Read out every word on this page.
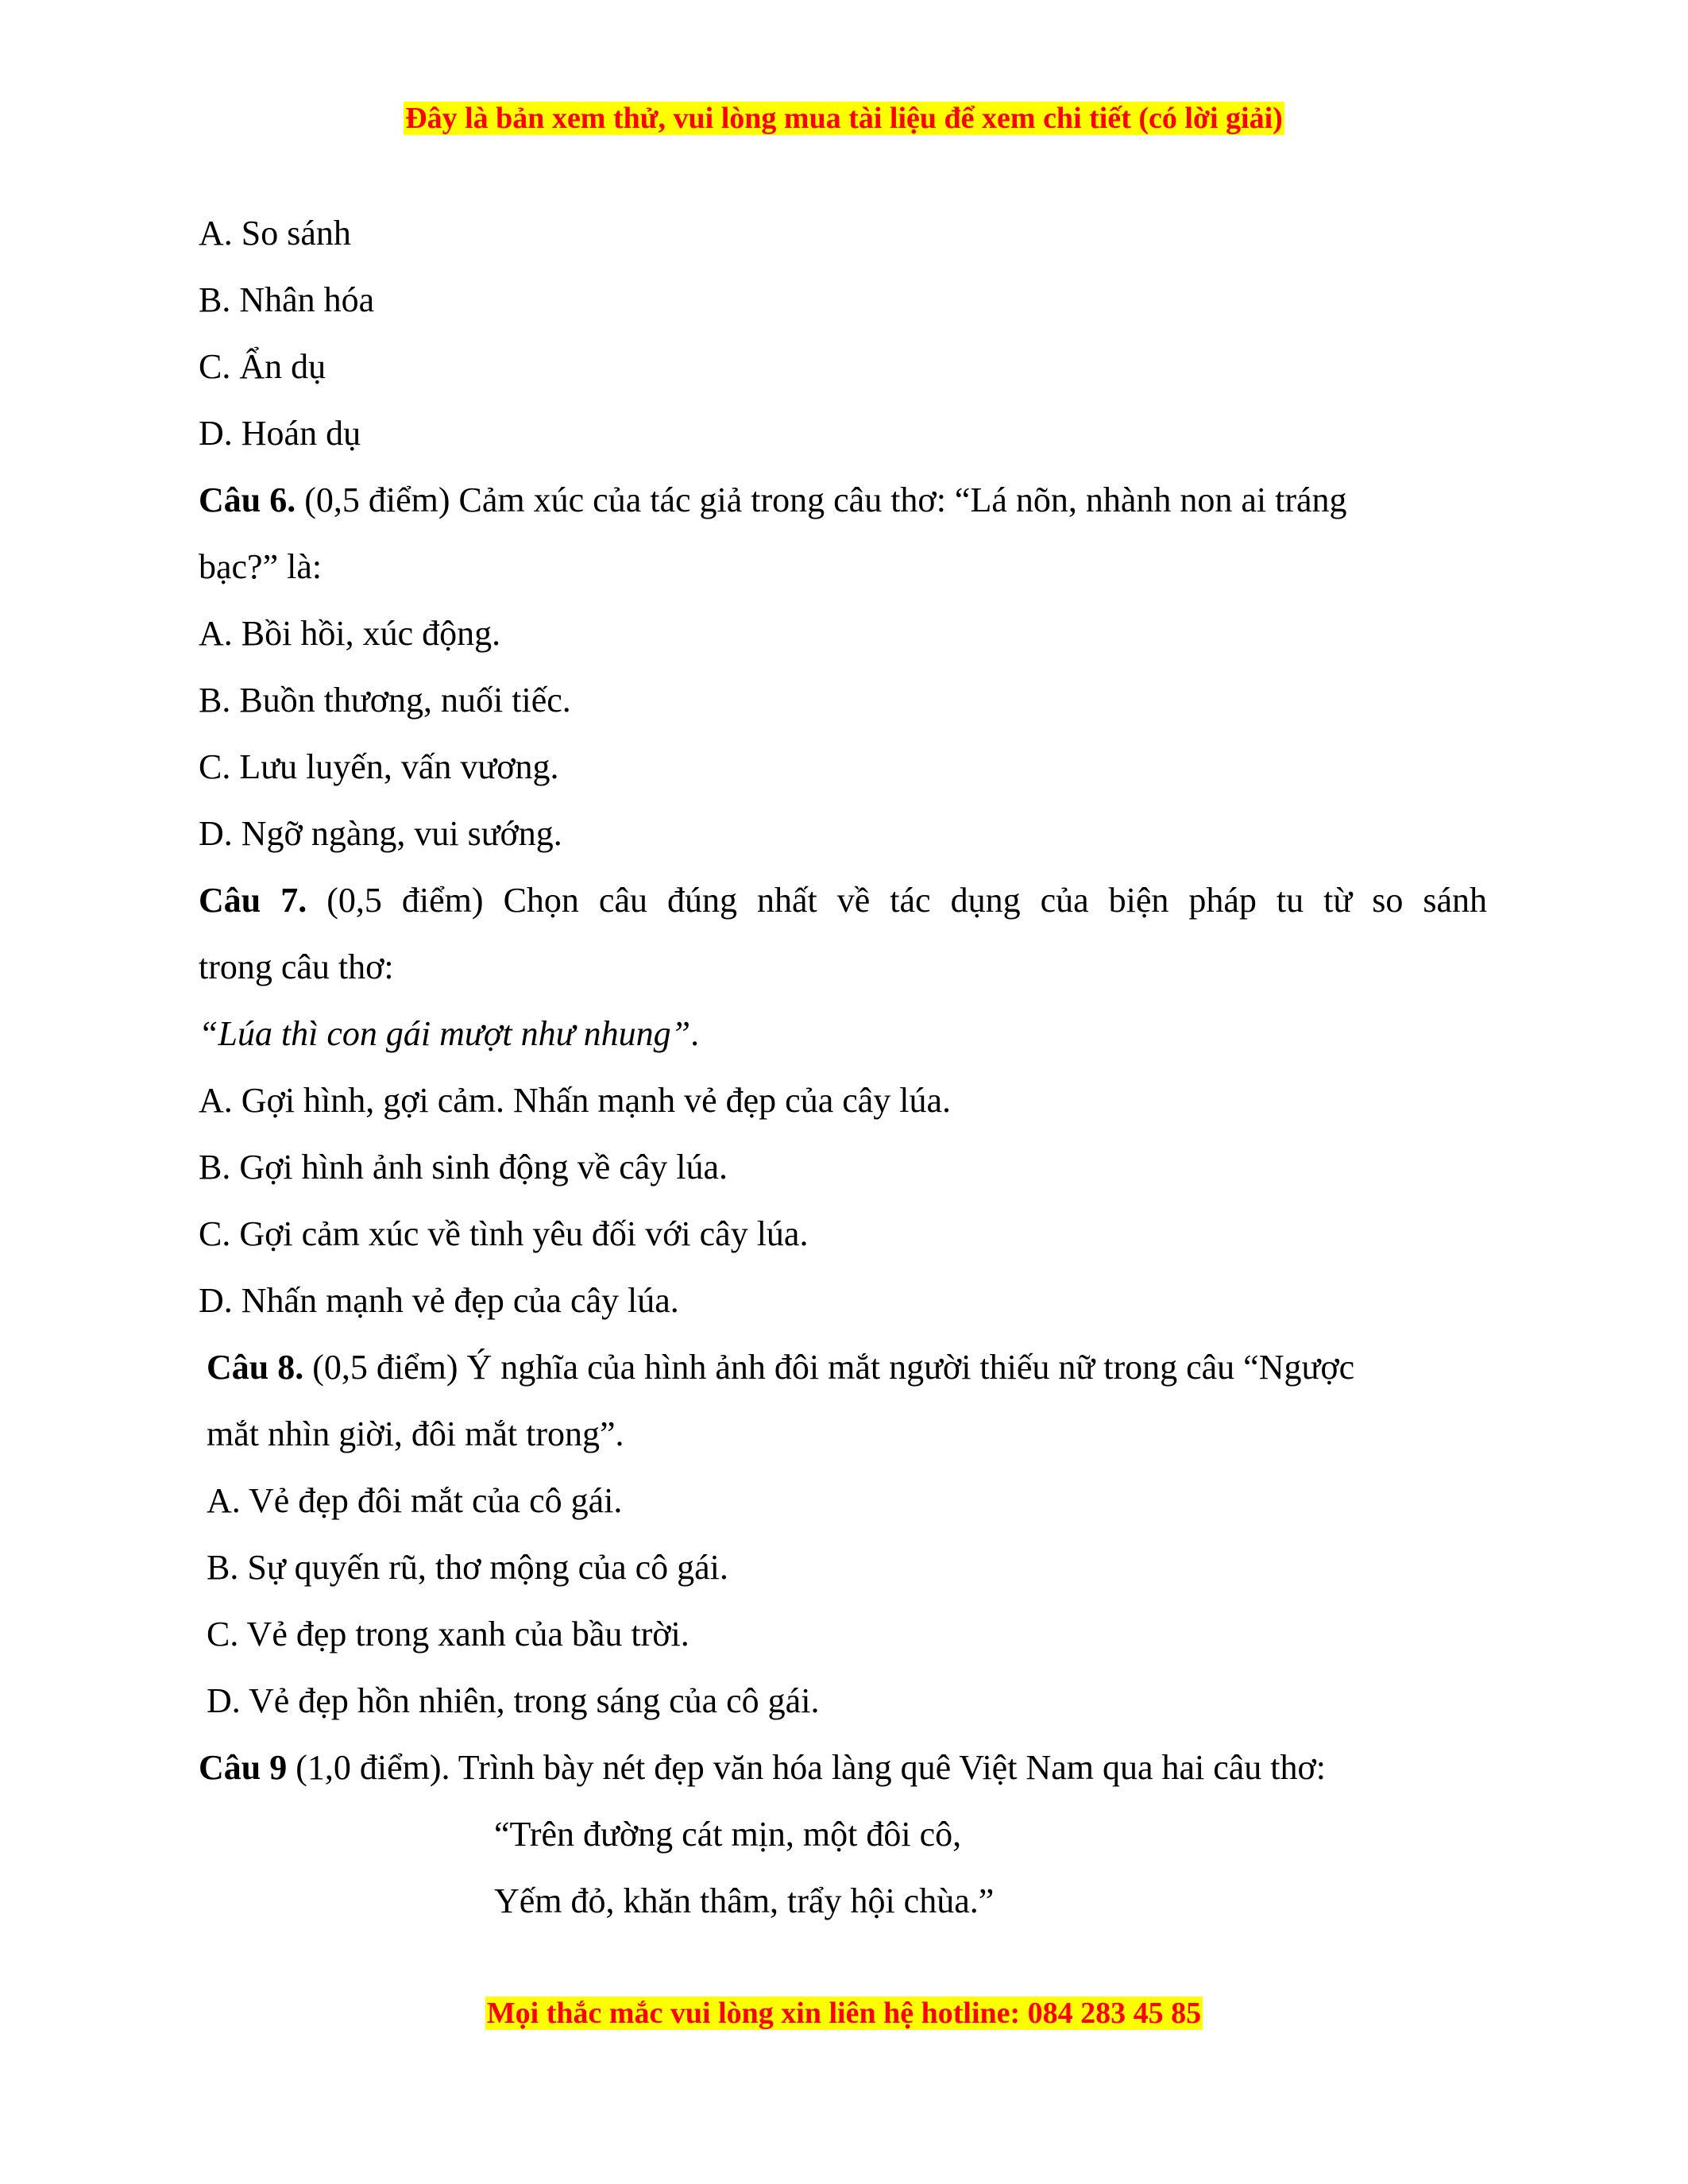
Đây là bản xem thử, vui lòng mua tài liệu để xem chi tiết (có lời giải)

A. So sánh

B. Nhân hóa

C. Ẩn dụ

D. Hoán dụ

Câu 6. (0,5 điểm) Cảm xúc của tác giả trong câu thơ: “Lá nõn, nhành non ai tráng

bạc?” là:

A. Bồi hồi, xúc động.

B. Buồn thương, nuối tiếc.

C. Lưu luyến, vấn vương.

D. Ngỡ ngàng, vui sướng.

Câu 7. (0,5 điểm) Chọn câu đúng nhất về tác dụng của biện pháp tu từ so sánh

trong câu thơ:

“Lúa thì con gái mượt như nhung”.

A. Gợi hình, gợi cảm. Nhấn mạnh vẻ đẹp của cây lúa.

B. Gợi hình ảnh sinh động về cây lúa.

C. Gợi cảm xúc về tình yêu đối với cây lúa.

D. Nhấn mạnh vẻ đẹp của cây lúa.

Câu 8. (0,5 điểm) Ý nghĩa của hình ảnh đôi mắt người thiếu nữ trong câu “Ngược

mắt nhìn giời, đôi mắt trong”.

A. Vẻ đẹp đôi mắt của cô gái.

B. Sự quyến rũ, thơ mộng của cô gái.

C. Vẻ đẹp trong xanh của bầu trời.

D. Vẻ đẹp hồn nhiên, trong sáng của cô gái.

Câu 9 (1,0 điểm). Trình bày nét đẹp văn hóa làng quê Việt Nam qua hai câu thơ:

“Trên đường cát mịn, một đôi cô,

Yếm đỏ, khăn thâm, trẩy hội chùa.”

Mọi thắc mắc vui lòng xin liên hệ hotline: 084 283 45 85
